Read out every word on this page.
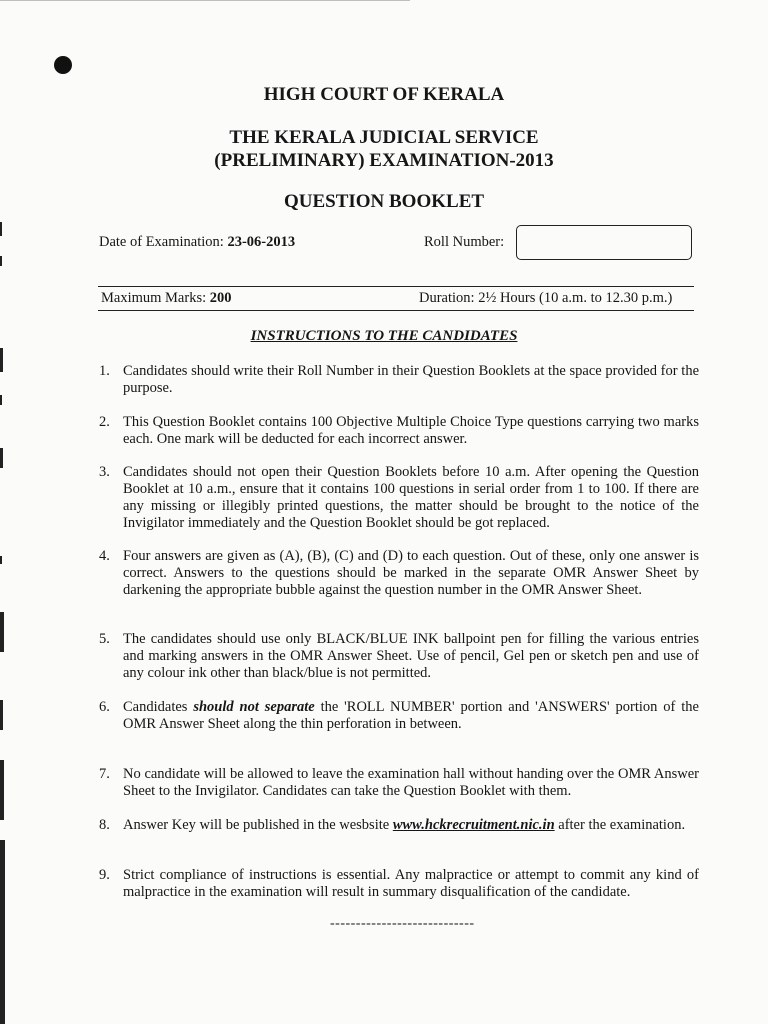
HIGH COURT OF KERALA
THE KERALA JUDICIAL SERVICE
(PRELIMINARY) EXAMINATION-2013
QUESTION BOOKLET
Date of Examination: 23-06-2013	Roll Number:
Maximum Marks: 200	Duration: 2½ Hours (10 a.m. to 12.30 p.m.)
INSTRUCTIONS TO THE CANDIDATES
1. Candidates should write their Roll Number in their Question Booklets at the space provided for the purpose.
2. This Question Booklet contains 100 Objective Multiple Choice Type questions carrying two marks each. One mark will be deducted for each incorrect answer.
3. Candidates should not open their Question Booklets before 10 a.m. After opening the Question Booklet at 10 a.m., ensure that it contains 100 questions in serial order from 1 to 100. If there are any missing or illegibly printed questions, the matter should be brought to the notice of the Invigilator immediately and the Question Booklet should be got replaced.
4. Four answers are given as (A), (B), (C) and (D) to each question. Out of these, only one answer is correct. Answers to the questions should be marked in the separate OMR Answer Sheet by darkening the appropriate bubble against the question number in the OMR Answer Sheet.
5. The candidates should use only BLACK/BLUE INK ballpoint pen for filling the various entries and marking answers in the OMR Answer Sheet. Use of pencil, Gel pen or sketch pen and use of any colour ink other than black/blue is not permitted.
6. Candidates should not separate the 'ROLL NUMBER' portion and 'ANSWERS' portion of the OMR Answer Sheet along the thin perforation in between.
7. No candidate will be allowed to leave the examination hall without handing over the OMR Answer Sheet to the Invigilator. Candidates can take the Question Booklet with them.
8. Answer Key will be published in the wesbsite www.hckrecruitment.nic.in after the examination.
9. Strict compliance of instructions is essential. Any malpractice or attempt to commit any kind of malpractice in the examination will result in summary disqualification of the candidate.
----------------------------
